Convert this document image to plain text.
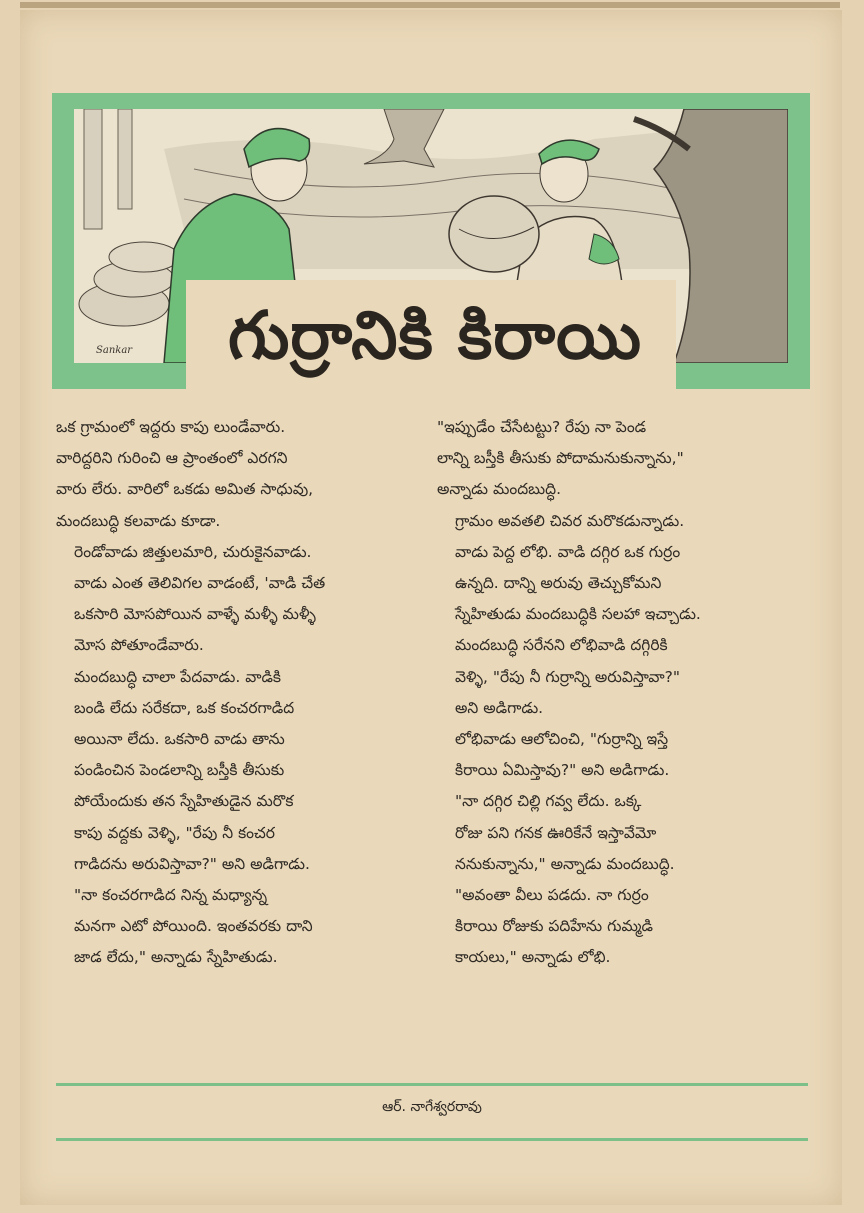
గుర్రానికి కిరాయి
Sankar

ఒక గ్రామంలో ఇద్దరు కాపు లుండేవారు.
వారిద్దరిని గురించి ఆ ప్రాంతంలో ఎరగని
వారు లేరు. వారిలో ఒకడు అమిత సాధువు,
మందబుద్ధి కలవాడు కూడా.

రెండోవాడు జిత్తులమారి, చురుకైనవాడు.
వాడు ఎంత తెలివిగల వాడంటే, 'వాడి చేత
ఒకసారి మోసపోయిన వాళ్ళే మళ్ళీ మళ్ళీ
మోస పోతూండేవారు.

మందబుద్ధి చాలా పేదవాడు. వాడికి
బండి లేదు సరేకదా, ఒక కంచరగాడిద
అయినా లేదు. ఒకసారి వాడు తాను
పండించిన పెండలాన్ని బస్తీకి తీసుకు
పోయేందుకు తన స్నేహితుడైన మరొక
కాపు వద్దకు వెళ్ళి, "రేపు నీ కంచర
గాడిదను అరువిస్తావా?" అని అడిగాడు.

"నా కంచరగాడిద నిన్న మధ్యాన్న
మనగా ఎటో పోయింది. ఇంతవరకు దాని
జాడ లేదు," అన్నాడు స్నేహితుడు.

"ఇప్పుడేం చేసేటట్టు? రేపు నా పెండ
లాన్ని బస్తీకి తీసుకు పోదామనుకున్నాను,"
అన్నాడు మందబుద్ధి.

గ్రామం అవతలి చివర మరొకడున్నాడు.
వాడు పెద్ద లోభి. వాడి దగ్గిర ఒక గుర్రం
ఉన్నది. దాన్ని అరువు తెచ్చుకోమని
స్నేహితుడు మందబుద్ధికి సలహా ఇచ్చాడు.

మందబుద్ధి సరేనని లోభివాడి దగ్గిరికి
వెళ్ళి, "రేపు నీ గుర్రాన్ని అరువిస్తావా?"
అని అడిగాడు.

లోభివాడు ఆలోచించి, "గుర్రాన్ని ఇస్తే
కిరాయి ఏమిస్తావు?" అని అడిగాడు.

"నా దగ్గిర చిల్లి గవ్వ లేదు. ఒక్క
రోజు పని గనక ఊరికేనే ఇస్తావేమో
ననుకున్నాను," అన్నాడు మందబుద్ధి.

"అవంతా వీలు పడదు. నా గుర్రం
కిరాయి రోజుకు పదిహేను గుమ్మడి
కాయలు," అన్నాడు లోభి.

ఆర్. నాగేశ్వరరావు
